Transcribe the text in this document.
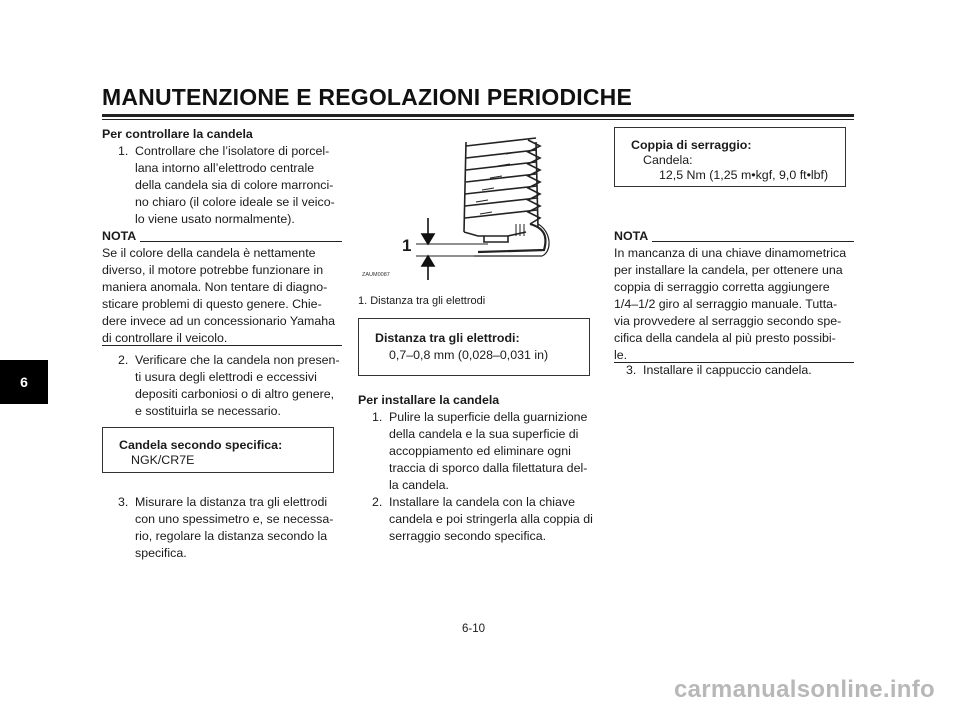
MANUTENZIONE E REGOLAZIONI PERIODICHE
6
Per controllare la candela
1. Controllare che l’isolatore di porcel-
lana intorno all’elettrodo centrale
della candela sia di colore marronci-
no chiaro (il colore ideale se il veico-
lo viene usato normalmente).
NOTA
Se il colore della candela è nettamente
diverso, il motore potrebbe funzionare in
maniera anomala. Non tentare di diagno-
sticare problemi di questo genere. Chie-
dere invece ad un concessionario Yamaha
di controllare il veicolo.
2. Verificare che la candela non presen-
ti usura degli elettrodi e eccessivi
depositi carboniosi o di altro genere,
e sostituirla se necessario.
Candela secondo specifica:
NGK/CR7E
3. Misurare la distanza tra gli elettrodi
con uno spessimetro e, se necessa-
rio, regolare la distanza secondo la
specifica.
1
ZAUM0087
1. Distanza tra gli elettrodi
Distanza tra gli elettrodi:
0,7–0,8 mm (0,028–0,031 in)
Per installare la candela
1. Pulire la superficie della guarnizione
della candela e la sua superficie di
accoppiamento ed eliminare ogni
traccia di sporco dalla filettatura del-
la candela.
2. Installare la candela con la chiave
candela e poi stringerla alla coppia di
serraggio secondo specifica.
Coppia di serraggio:
Candela:
12,5 Nm (1,25 m•kgf, 9,0 ft•lbf)
NOTA
In mancanza di una chiave dinamometrica
per installare la candela, per ottenere una
coppia di serraggio corretta aggiungere
1/4–1/2 giro al serraggio manuale. Tutta-
via provvedere al serraggio secondo spe-
cifica della candela al più presto possibi-
le.
3. Installare il cappuccio candela.
6-10
carmanualsonline.info
